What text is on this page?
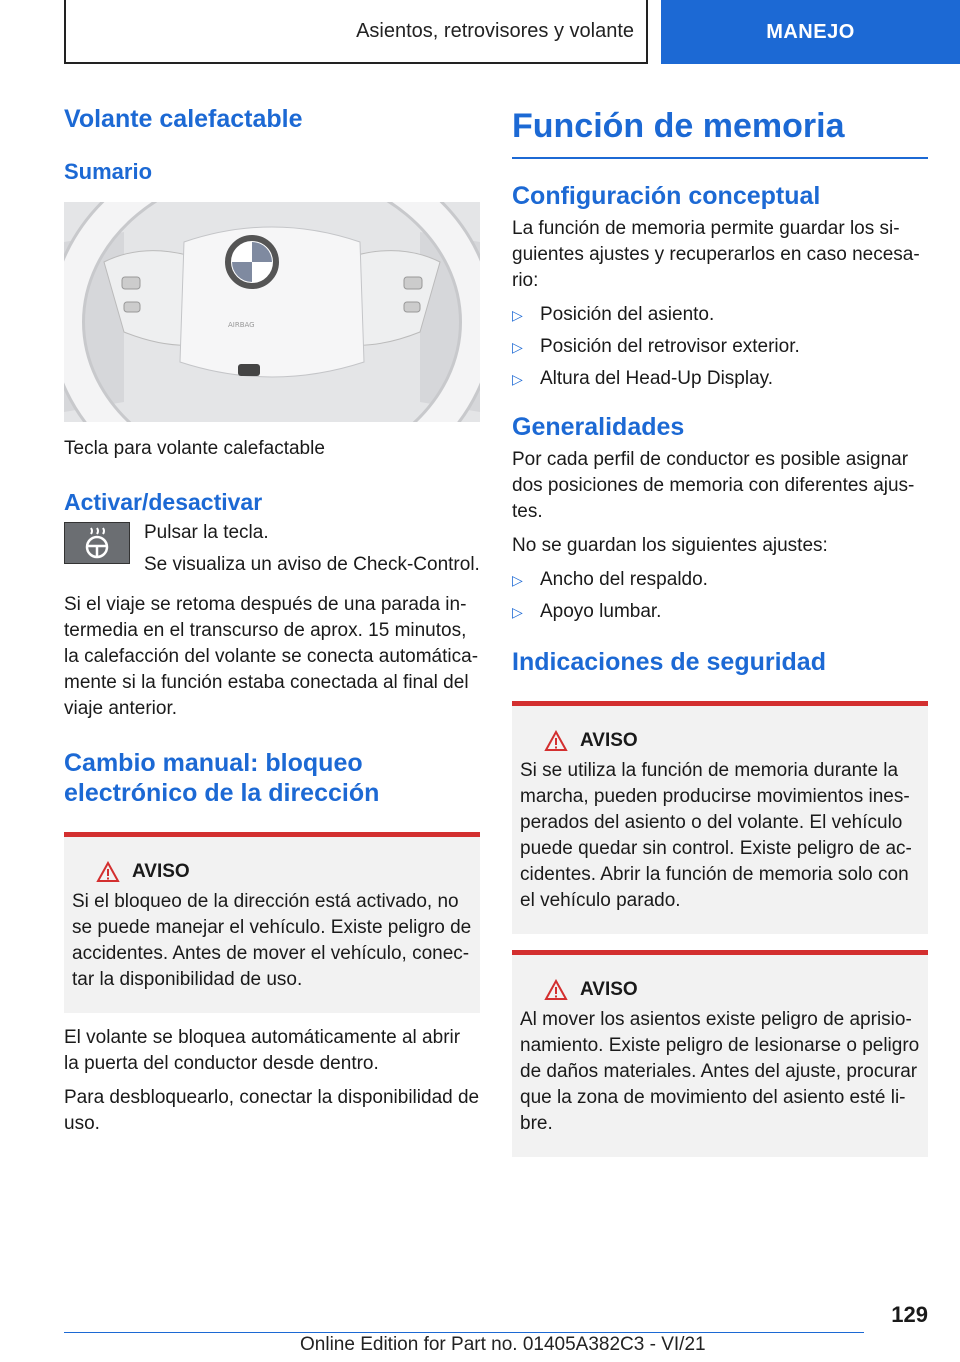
Asientos, retrovisores y volante	MANEJO
Volante calefactable
Sumario
AIRBAG

Tecla para volante calefactable

Activar/desactivar

Pulsar la tecla.

Se visualiza un aviso de Check-Control.

Si el viaje se retoma después de una parada in-termedia en el transcurso de aprox. 15 minutos, la calefacción del volante se conecta automática-mente si la función estaba conectada al final del viaje anterior.

Cambio manual: bloqueo electrónico de la dirección
AVISO

Si el bloqueo de la dirección está activado, no se puede manejar el vehículo. Existe peligro de accidentes. Antes de mover el vehículo, conec-tar la disponibilidad de uso.

El volante se bloquea automáticamente al abrir la puerta del conductor desde dentro.

Para desbloquearlo, conectar la disponibilidad de uso.

Función de memoria
Configuración conceptual

La función de memoria permite guardar los si-guientes ajustes y recuperarlos en caso necesa-rio:

▷ Posición del asiento.
▷ Posición del retrovisor exterior.
▷ Altura del Head-Up Display.
Generalidades

Por cada perfil de conductor es posible asignar dos posiciones de memoria con diferentes ajus-tes.

No se guardan los siguientes ajustes:

▷ Ancho del respaldo.
▷ Apoyo lumbar.
Indicaciones de seguridad
AVISO

Si se utiliza la función de memoria durante la marcha, pueden producirse movimientos ines-perados del asiento o del volante. El vehículo puede quedar sin control. Existe peligro de ac-cidentes. Abrir la función de memoria solo con el vehículo parado.

AVISO

Al mover los asientos existe peligro de aprisio-namiento. Existe peligro de lesionarse o peligro de daños materiales. Antes del ajuste, procurar que la zona de movimiento del asiento esté li-bre.

129
Online Edition for Part no. 01405A382C3 - VI/21
